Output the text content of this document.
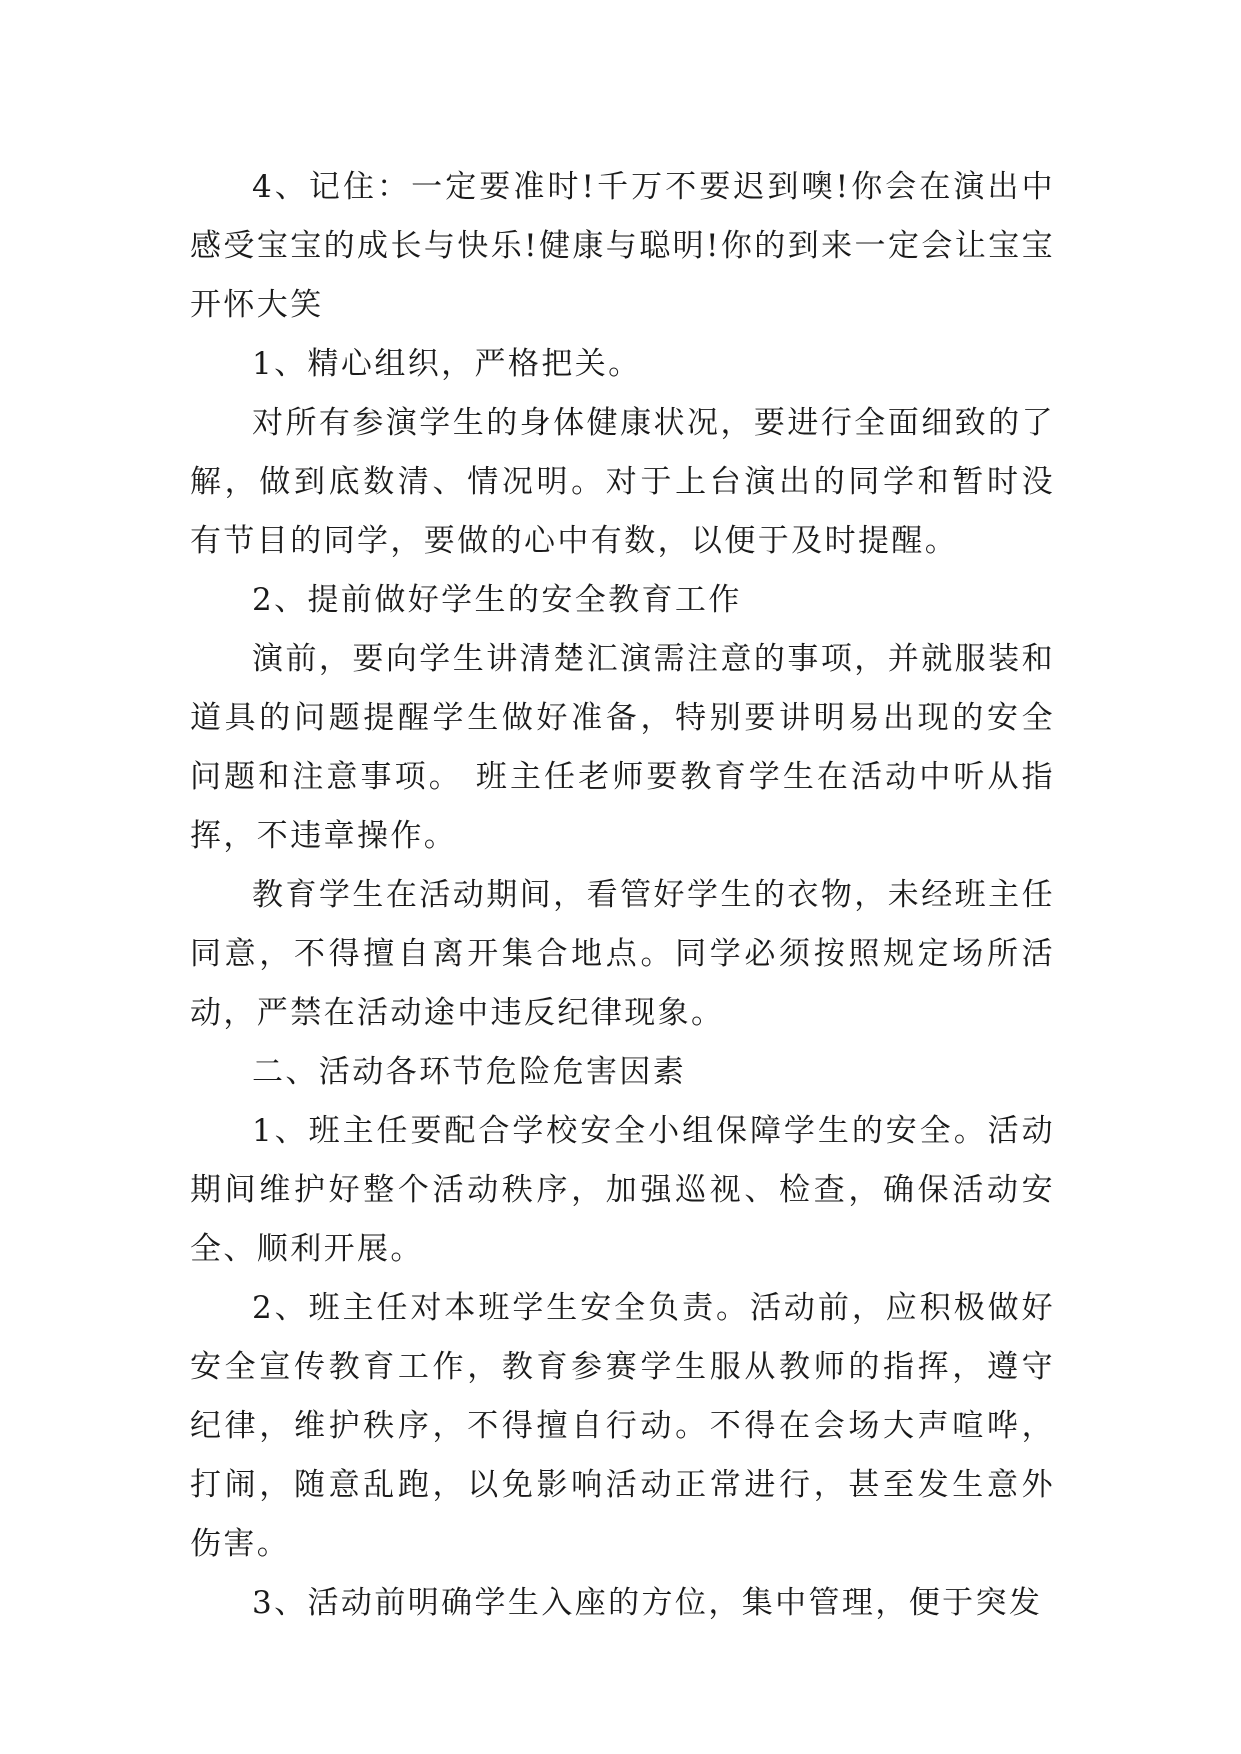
4、记住：一定要准时!千万不要迟到噢!你会在演出中感受宝宝的成长与快乐!健康与聪明!你的到来一定会让宝宝开怀大笑

1、精心组织，严格把关。

对所有参演学生的身体健康状况，要进行全面细致的了解，做到底数清、情况明。对于上台演出的同学和暂时没有节目的同学，要做的心中有数，以便于及时提醒。

2、提前做好学生的安全教育工作

演前，要向学生讲清楚汇演需注意的事项，并就服装和道具的问题提醒学生做好准备，特别要讲明易出现的安全问题和注意事项。 班主任老师要教育学生在活动中听从指挥，不违章操作。

教育学生在活动期间，看管好学生的衣物，未经班主任同意，不得擅自离开集合地点。同学必须按照规定场所活动，严禁在活动途中违反纪律现象。

二、活动各环节危险危害因素

1、班主任要配合学校安全小组保障学生的安全。活动期间维护好整个活动秩序，加强巡视、检查，确保活动安全、顺利开展。

2、班主任对本班学生安全负责。活动前，应积极做好安全宣传教育工作，教育参赛学生服从教师的指挥，遵守纪律，维护秩序，不得擅自行动。不得在会场大声喧哗，打闹，随意乱跑，以免影响活动正常进行，甚至发生意外伤害。

3、活动前明确学生入座的方位，集中管理，便于突发
